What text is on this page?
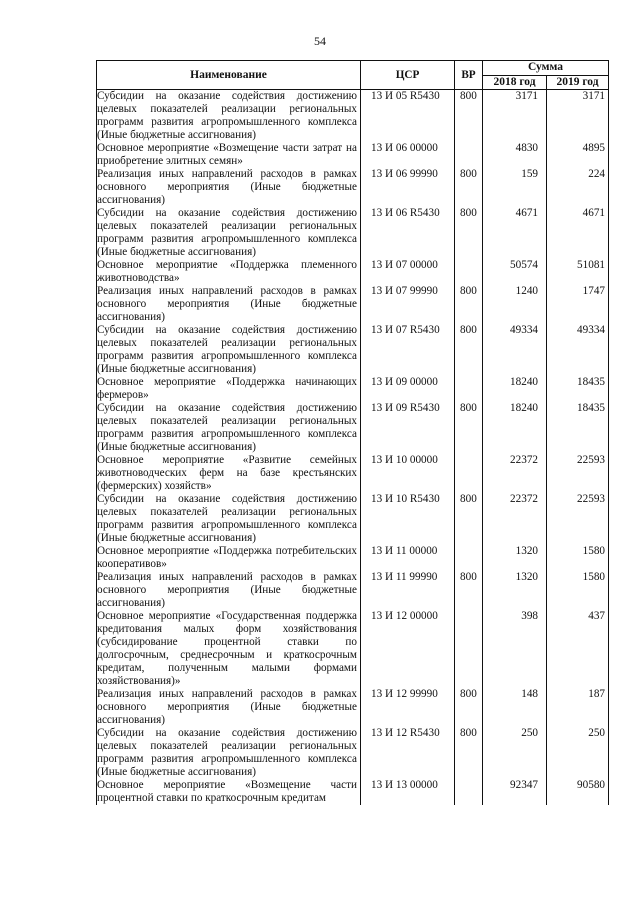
54
Наименование	ЦСР	ВР	Сумма	
			2018 год	2019 год
Субсидии на оказание содействия достижению целевых показателей реализации региональных программ развития агропромышленного комплекса (Иные бюджетные ассигнования)	13 И 05 R5430	800	3171	3171
Основное мероприятие «Возмещение части затрат на приобретение элитных семян»	13 И 06 00000		4830	4895
Реализация иных направлений расходов в рамках основного мероприятия (Иные бюджетные ассигнования)	13 И 06 99990	800	159	224
Субсидии на оказание содействия достижению целевых показателей реализации региональных программ развития агропромышленного комплекса (Иные бюджетные ассигнования)	13 И 06 R5430	800	4671	4671
Основное мероприятие «Поддержка племенного животноводства»	13 И 07 00000		50574	51081
Реализация иных направлений расходов в рамках основного мероприятия (Иные бюджетные ассигнования)	13 И 07 99990	800	1240	1747
Субсидии на оказание содействия достижению целевых показателей реализации региональных программ развития агропромышленного комплекса (Иные бюджетные ассигнования)	13 И 07 R5430	800	49334	49334
Основное мероприятие «Поддержка начинающих фермеров»	13 И 09 00000		18240	18435
Субсидии на оказание содействия достижению целевых показателей реализации региональных программ развития агропромышленного комплекса (Иные бюджетные ассигнования)	13 И 09 R5430	800	18240	18435
Основное мероприятие «Развитие семейных животноводческих ферм на базе крестьянских (фермерских) хозяйств»	13 И 10 00000		22372	22593
Субсидии на оказание содействия достижению целевых показателей реализации региональных программ развития агропромышленного комплекса (Иные бюджетные ассигнования)	13 И 10 R5430	800	22372	22593
Основное мероприятие «Поддержка потребительских кооперативов»	13 И 11 00000		1320	1580
Реализация иных направлений расходов в рамках основного мероприятия (Иные бюджетные ассигнования)	13 И 11 99990	800	1320	1580
Основное мероприятие «Государственная поддержка кредитования малых форм хозяйствования (субсидирование процентной ставки по долгосрочным, среднесрочным и краткосрочным кредитам, полученным малыми формами хозяйствования)»	13 И 12 00000		398	437
Реализация иных направлений расходов в рамках основного мероприятия (Иные бюджетные ассигнования)	13 И 12 99990	800	148	187
Субсидии на оказание содействия достижению целевых показателей реализации региональных программ развития агропромышленного комплекса (Иные бюджетные ассигнования)	13 И 12 R5430	800	250	250
Основное мероприятие «Возмещение части процентной ставки по краткосрочным кредитам	13 И 13 00000		92347	90580
